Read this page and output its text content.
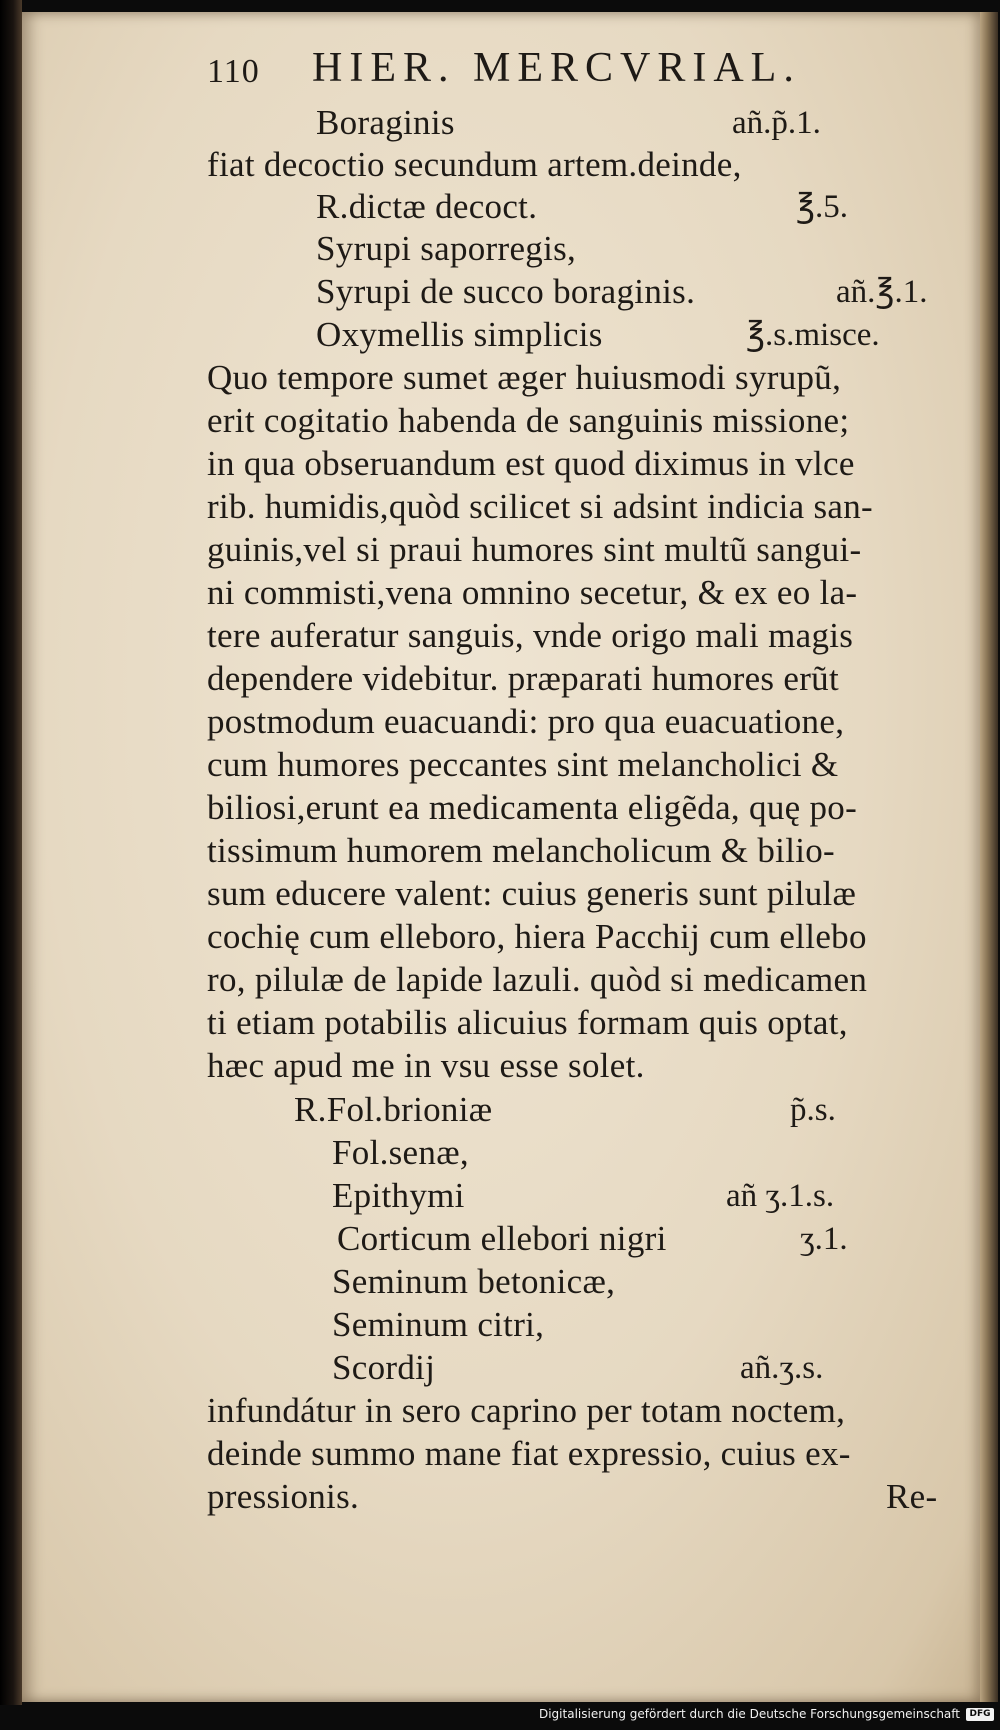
110 HIER. MERCVRIAL.
Boraginis	añ.p̃.1.
fiat decoctio secundum artem.deinde,
R.dictæ decoct.	℥.5.
Syrupi saporregis,
Syrupi de succo boraginis.	añ.℥.1.
Oxymellis simplicis	℥.s.misce.
Quo tempore sumet æger huiusmodi syrupũ,
erit cogitatio habenda de sanguinis missione;
in qua obseruandum est quod diximus in vlce
rib. humidis,quòd scilicet si adsint indicia san-
guinis,vel si praui humores sint multũ sangui-
ni commisti,vena omnino secetur, & ex eo la-
tere auferatur sanguis, vnde origo mali magis
dependere videbitur. præparati humores erũt
postmodum euacuandi: pro qua euacuatione,
cum humores peccantes sint melancholici &
biliosi,erunt ea medicamenta eligẽda, quę po-
tissimum humorem melancholicum & bilio-
sum educere valent: cuius generis sunt pilulæ
cochię cum elleboro, hiera Pacchij cum ellebo
ro, pilulæ de lapide lazuli. quòd si medicamen
ti etiam potabilis alicuius formam quis optat,
hæc apud me in vsu esse solet.
R.Fol.brioniæ	p̃.s.
Fol.senæ,
Epithymi	añ ʒ.1.s.
Corticum ellebori nigri	ʒ.1.
Seminum betonicæ,
Seminum citri,
Scordij	añ.ʒ.s.
infundátur in sero caprino per totam noctem,
deinde summo mane fiat expressio, cuius ex-
pressionis.	Re-
Digitalisierung gefördert durch die Deutsche Forschungsgemeinschaft	DFG
